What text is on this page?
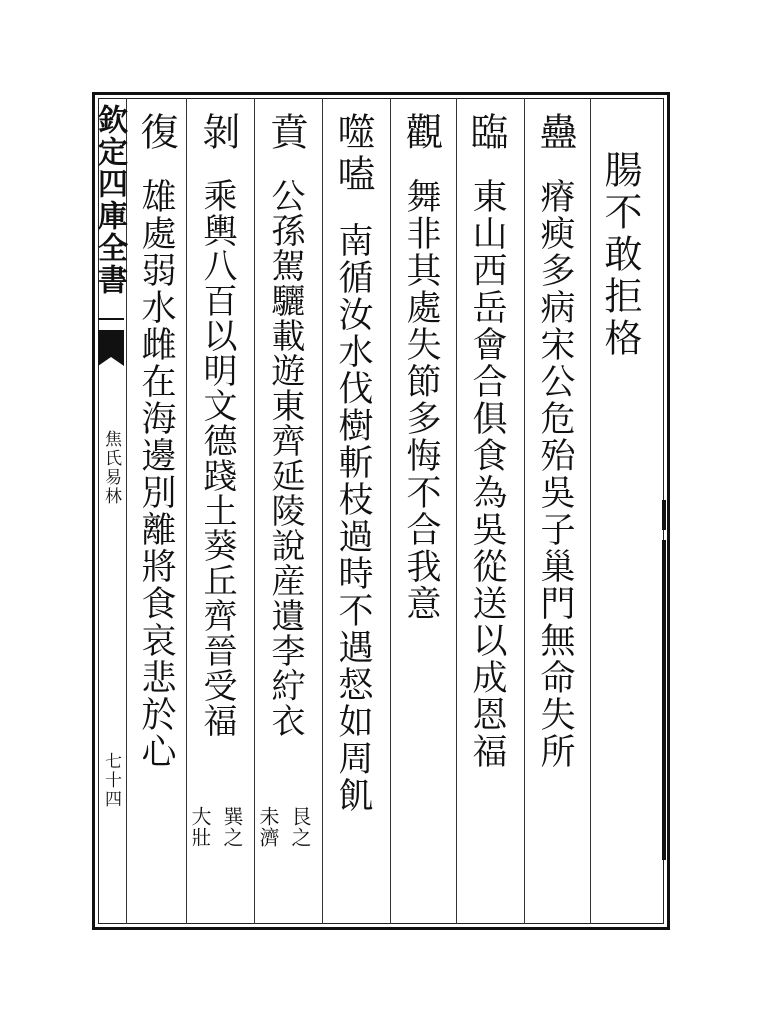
欽定四庫全書
焦氏易林
七十四
腸不敢拒格
蠱
瘠瘐多病宋公危殆吳子巢門無命失所
臨
東山西岳會合俱食為吳從送以成恩福
觀
舞非其處失節多悔不合我意
噬嗑
南循汝水伐樹斬枝過時不遇惄如周飢
賁
公孫駕驪載遊東齊延陵說産遺李紵衣
艮之
未濟
剝
乘輿八百以明文德踐土葵丘齊晉受福
巽之
大壯
復
雄處弱水雌在海邊別離將食哀悲於心
